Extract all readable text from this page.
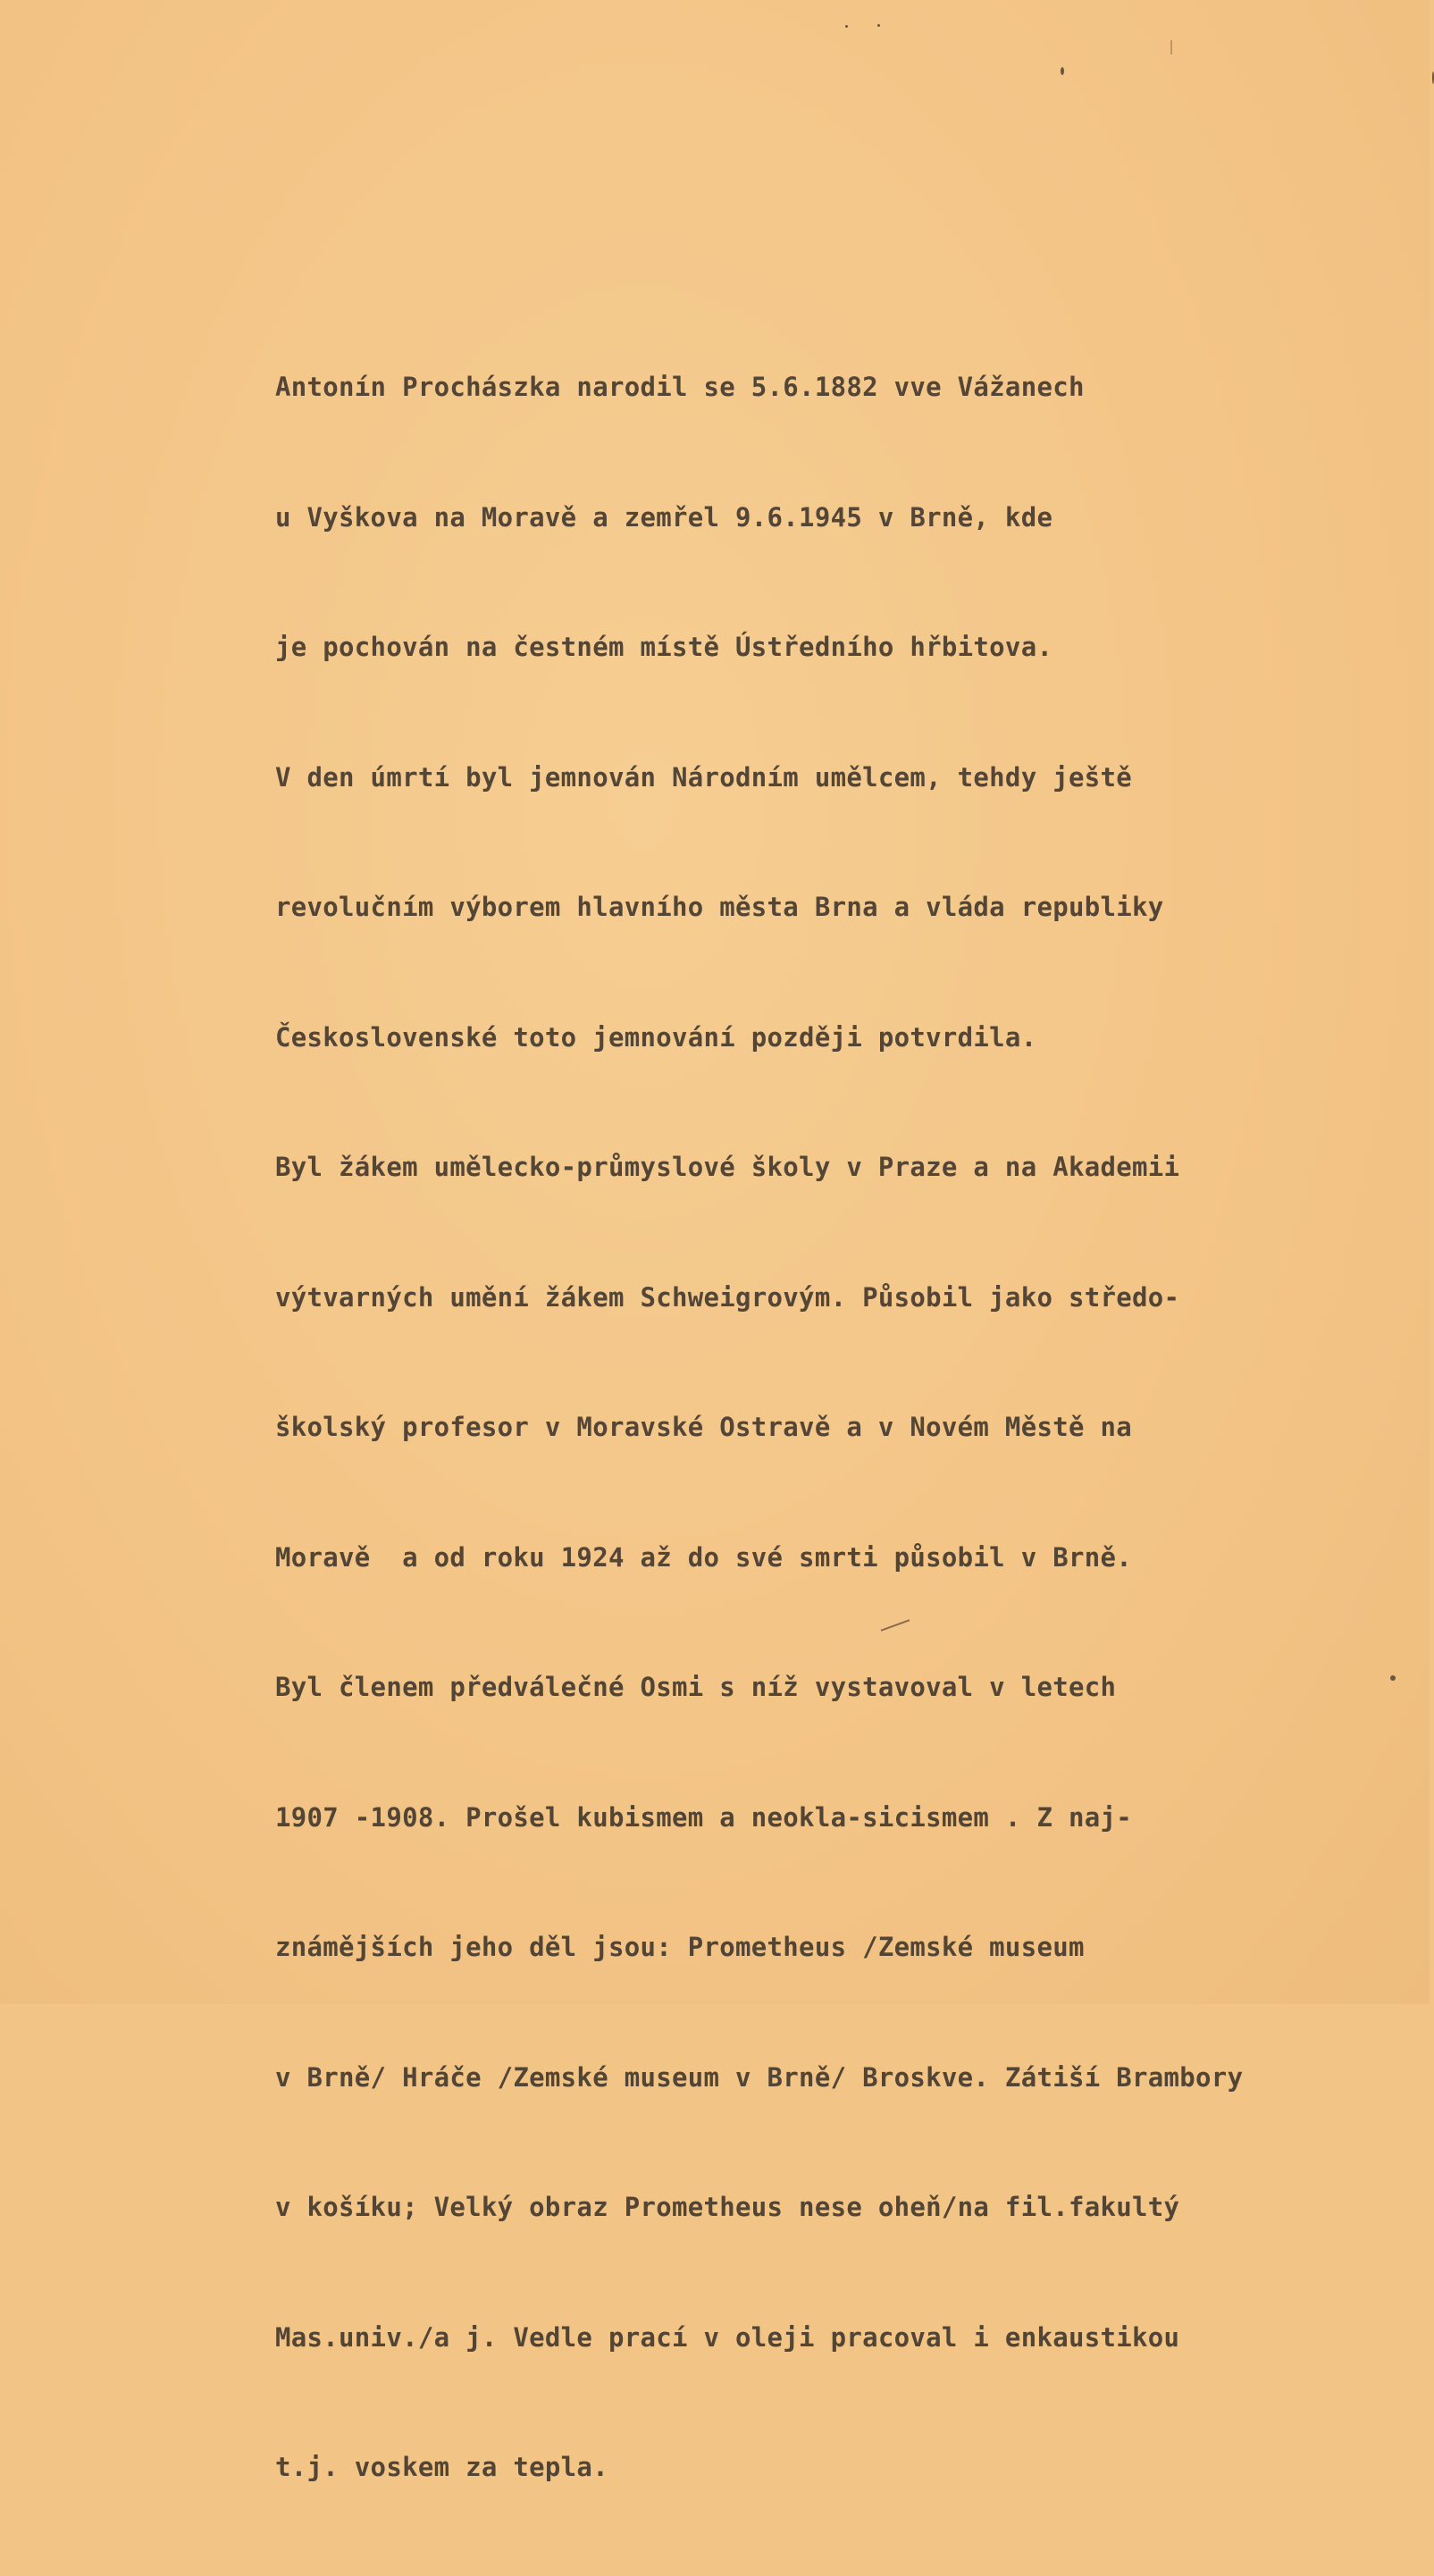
Antonín Prochászka narodil se 5.6.1882 vve Vážanech

u Vyškova na Moravě a zemřel 9.6.1945 v Brně, kde

je pochován na čestném místě Ústředního hřbitova.

V den úmrtí byl jemnován Národním umělcem, tehdy ještě

revolučním výborem hlavního města Brna a vláda republiky

Československé toto jemnování později potvrdila.

Byl žákem umělecko-průmyslové školy v Praze a na Akademii

výtvarných umění žákem Schweigrovým. Působil jako středo-

školský profesor v Moravské Ostravě a v Novém Městě na

Moravě  a od roku 1924 až do své smrti působil v Brně.

Byl členem předválečné Osmi s níž vystavoval v letech

1907 -1908. Prošel kubismem a neokla-sicismem . Z naj-

známějších jeho děl jsou: Prometheus /Zemské museum

v Brně/ Hráče /Zemské museum v Brně/ Broskve. Zátiší Brambory

v košíku; Velký obraz Prometheus nese oheň/na fil.fakultý

Mas.univ./a j. Vedle prací v oleji pracoval i enkaustikou

t.j. voskem za tepla.
